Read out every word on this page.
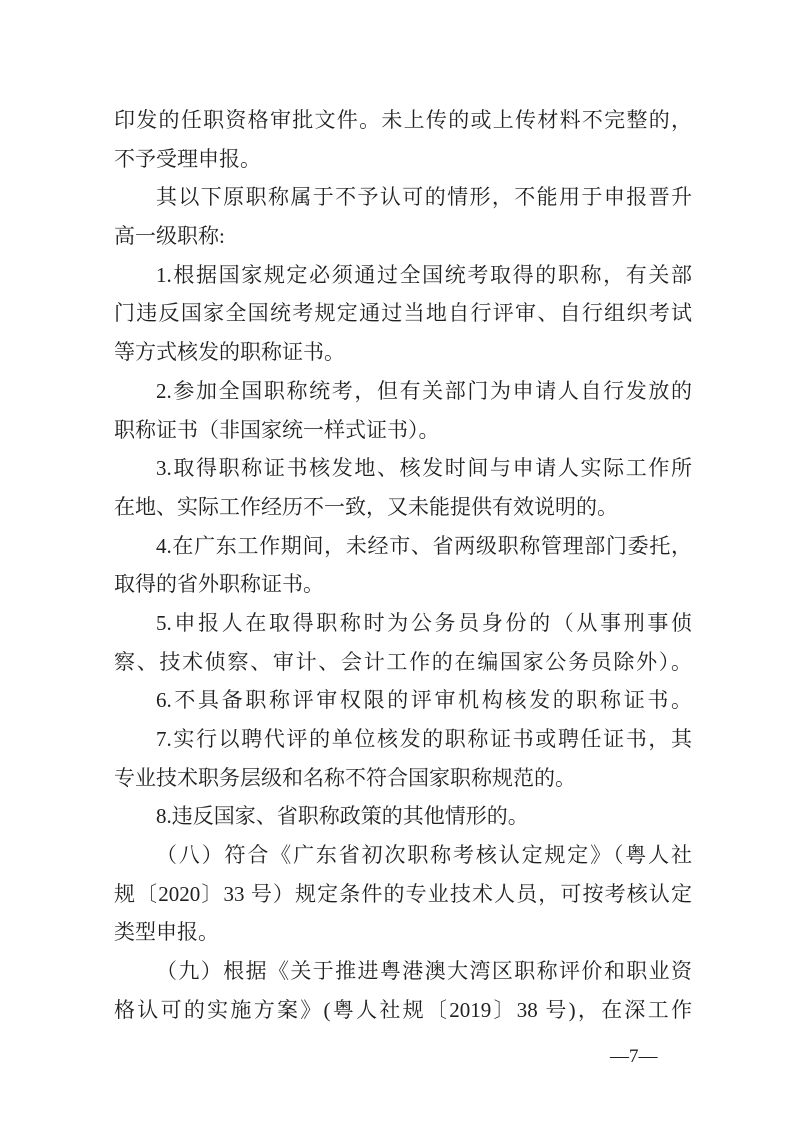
印发的任职资格审批文件。未上传的或上传材料不完整的，
不予受理申报。
其以下原职称属于不予认可的情形，不能用于申报晋升
高一级职称:
1.根据国家规定必须通过全国统考取得的职称，有关部
门违反国家全国统考规定通过当地自行评审、自行组织考试
等方式核发的职称证书。
2.参加全国职称统考，但有关部门为申请人自行发放的
职称证书（非国家统一样式证书）。
3.取得职称证书核发地、核发时间与申请人实际工作所
在地、实际工作经历不一致，又未能提供有效说明的。
4.在广东工作期间，未经市、省两级职称管理部门委托，
取得的省外职称证书。
5.申报人在取得职称时为公务员身份的（从事刑事侦
察、技术侦察、审计、会计工作的在编国家公务员除外）。
6.不具备职称评审权限的评审机构核发的职称证书。
7.实行以聘代评的单位核发的职称证书或聘任证书，其
专业技术职务层级和名称不符合国家职称规范的。
8.违反国家、省职称政策的其他情形的。
（八）符合《广东省初次职称考核认定规定》（粤人社
规〔2020〕33 号）规定条件的专业技术人员，可按考核认定
类型申报。
（九）根据《关于推进粤港澳大湾区职称评价和职业资
格认可的实施方案》(粤人社规〔2019〕38 号)，在深工作
—7—
